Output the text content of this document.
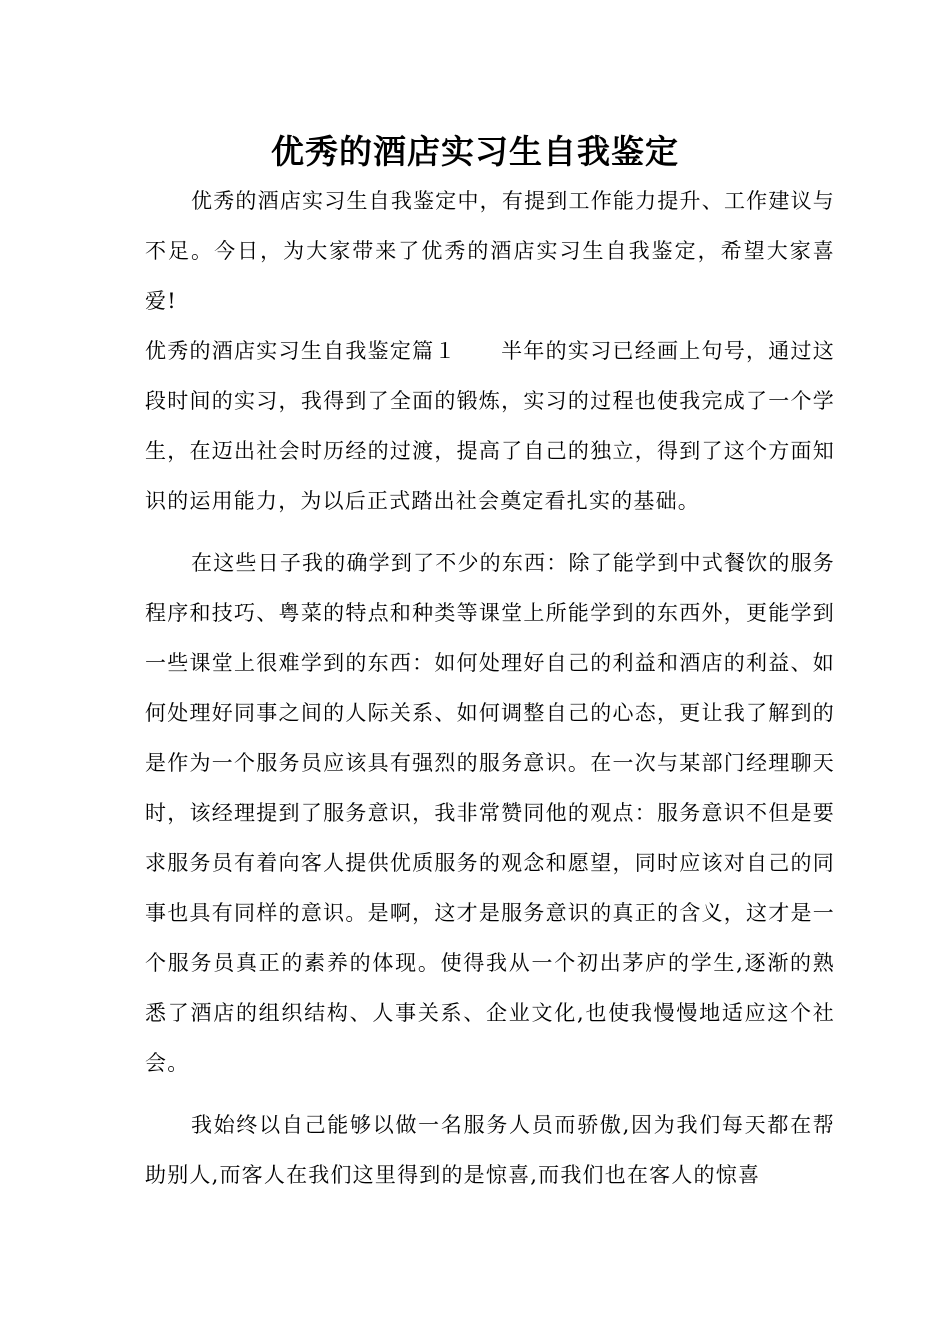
优秀的酒店实习生自我鉴定

优秀的酒店实习生自我鉴定中，有提到工作能力提升、工作建议与不足。今日，为大家带来了优秀的酒店实习生自我鉴定，希望大家喜爱!

优秀的酒店实习生自我鉴定篇１　　半年的实习已经画上句号，通过这段时间的实习，我得到了全面的锻炼，实习的过程也使我完成了一个学生，在迈出社会时历经的过渡，提高了自己的独立，得到了这个方面知识的运用能力，为以后正式踏出社会奠定看扎实的基础。

在这些日子我的确学到了不少的东西：除了能学到中式餐饮的服务程序和技巧、粤菜的特点和种类等课堂上所能学到的东西外，更能学到一些课堂上很难学到的东西：如何处理好自己的利益和酒店的利益、如何处理好同事之间的人际关系、如何调整自己的心态，更让我了解到的是作为一个服务员应该具有强烈的服务意识。在一次与某部门经理聊天时，该经理提到了服务意识，我非常赞同他的观点：服务意识不但是要求服务员有着向客人提供优质服务的观念和愿望，同时应该对自己的同事也具有同样的意识。是啊，这才是服务意识的真正的含义，这才是一个服务员真正的素养的体现。使得我从一个初出茅庐的学生,逐渐的熟悉了酒店的组织结构、人事关系、企业文化,也使我慢慢地适应这个社会。

我始终以自己能够以做一名服务人员而骄傲,因为我们每天都在帮助别人,而客人在我们这里得到的是惊喜,而我们也在客人的惊喜
